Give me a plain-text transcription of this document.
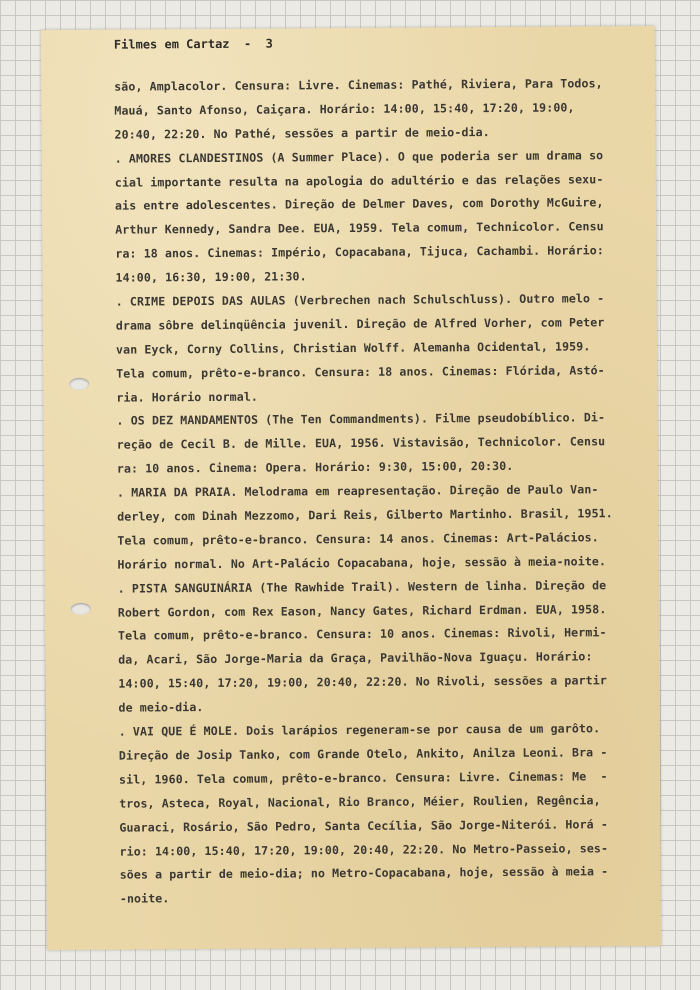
Filmes em Cartaz  -  3
são, Amplacolor. Censura: Livre. Cinemas: Pathé, Riviera, Para Todos,
Mauá, Santo Afonso, Caiçara. Horário: 14:00, 15:40, 17:20, 19:00,
20:40, 22:20. No Pathé, sessões a partir de meio-dia.
. AMORES CLANDESTINOS (A Summer Place). O que poderia ser um drama so
cial importante resulta na apologia do adultério e das relações sexu-
ais entre adolescentes. Direção de Delmer Daves, com Dorothy McGuire,
Arthur Kennedy, Sandra Dee. EUA, 1959. Tela comum, Technicolor. Censu
ra: 18 anos. Cinemas: Império, Copacabana, Tijuca, Cachambi. Horário:
14:00, 16:30, 19:00, 21:30.
. CRIME DEPOIS DAS AULAS (Verbrechen nach Schulschluss). Outro melo -
drama sôbre delinqüência juvenil. Direção de Alfred Vorher, com Peter
van Eyck, Corny Collins, Christian Wolff. Alemanha Ocidental, 1959.
Tela comum, prêto-e-branco. Censura: 18 anos. Cinemas: Flórida, Astó-
ria. Horário normal.
. OS DEZ MANDAMENTOS (The Ten Commandments). Filme pseudobíblico. Di-
reção de Cecil B. de Mille. EUA, 1956. Vistavisão, Technicolor. Censu
ra: 10 anos. Cinema: Opera. Horário: 9:30, 15:00, 20:30.
. MARIA DA PRAIA. Melodrama em reapresentação. Direção de Paulo Van-
derley, com Dinah Mezzomo, Dari Reis, Gilberto Martinho. Brasil, 1951.
Tela comum, prêto-e-branco. Censura: 14 anos. Cinemas: Art-Palácios.
Horário normal. No Art-Palácio Copacabana, hoje, sessão à meia-noite.
. PISTA SANGUINÁRIA (The Rawhide Trail). Western de linha. Direção de
Robert Gordon, com Rex Eason, Nancy Gates, Richard Erdman. EUA, 1958.
Tela comum, prêto-e-branco. Censura: 10 anos. Cinemas: Rivoli, Hermi-
da, Acari, São Jorge-Maria da Graça, Pavilhão-Nova Iguaçu. Horário:
14:00, 15:40, 17:20, 19:00, 20:40, 22:20. No Rivoli, sessões a partir
de meio-dia.
. VAI QUE É MOLE. Dois larápios regeneram-se por causa de um garôto.
Direção de Josip Tanko, com Grande Otelo, Ankito, Anilza Leoni. Bra -
sil, 1960. Tela comum, prêto-e-branco. Censura: Livre. Cinemas: Me  -
tros, Asteca, Royal, Nacional, Rio Branco, Méier, Roulien, Regência,
Guaraci, Rosário, São Pedro, Santa Cecília, São Jorge-Niterói. Horá -
rio: 14:00, 15:40, 17:20, 19:00, 20:40, 22:20. No Metro-Passeio, ses-
sões a partir de meio-dia; no Metro-Copacabana, hoje, sessão à meia -
-noite.
